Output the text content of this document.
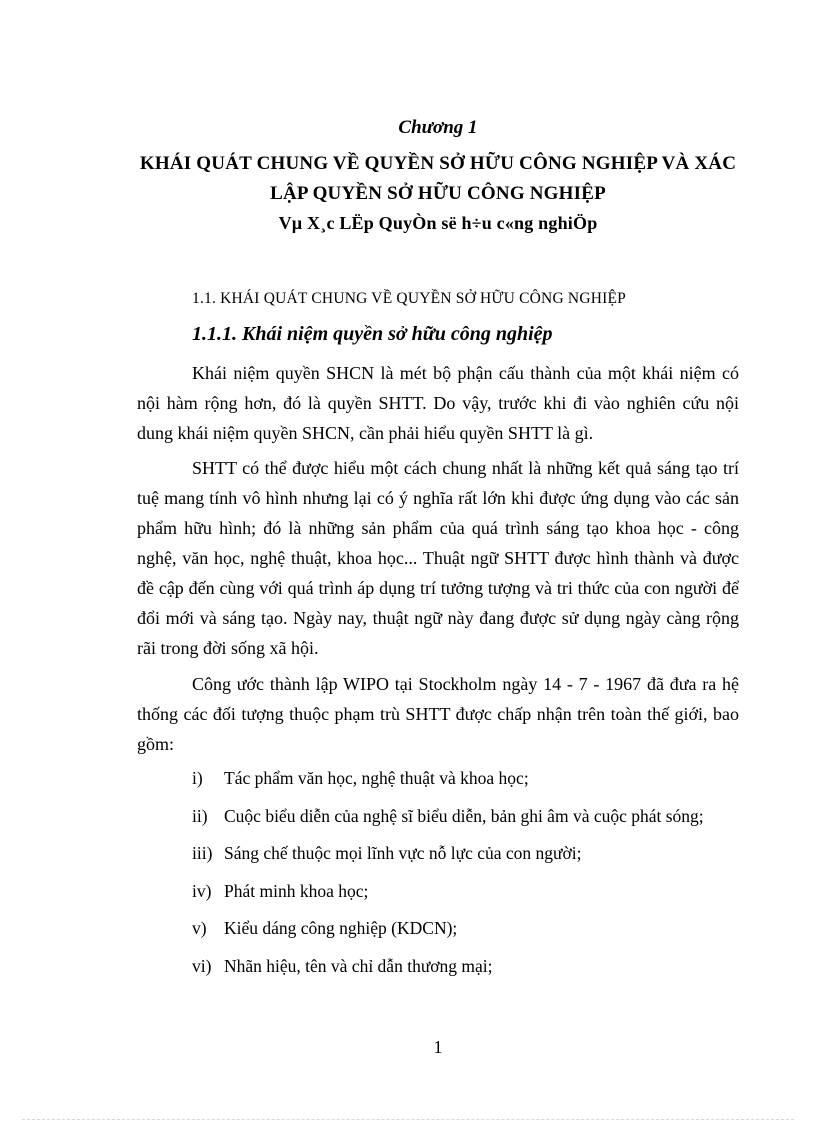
Chương 1
KHÁI QUÁT CHUNG VỀ QUYỀN SỞ HỮU CÔNG NGHIỆP VÀ XÁC
LẬP QUYỀN SỞ HỮU CÔNG NGHIỆP
Vµ X¸c LËp QuyÒn së h÷u c«ng nghiÖp
1.1. KHÁI QUÁT CHUNG VỀ QUYỀN SỞ HỮU CÔNG NGHIỆP
1.1.1. Khái niệm quyền sở hữu công nghiệp

Khái niệm quyền SHCN là mét bộ phận cấu thành của một khái niệm có nội hàm rộng hơn, đó là quyền SHTT. Do vậy, trước khi đi vào nghiên cứu nội dung khái niệm quyền SHCN, cần phải hiểu quyền SHTT là gì.

SHTT có thể được hiểu một cách chung nhất là những kết quả sáng tạo trí tuệ mang tính vô hình nhưng lại có ý nghĩa rất lớn khi được ứng dụng vào các sản phẩm hữu hình; đó là những sản phẩm của quá trình sáng tạo khoa học - công nghệ, văn học, nghệ thuật, khoa học... Thuật ngữ SHTT được hình thành và được đề cập đến cùng với quá trình áp dụng trí tưởng tượng và tri thức của con người để đổi mới và sáng tạo. Ngày nay, thuật ngữ này đang được sử dụng ngày càng rộng rãi trong đời sống xã hội.

Công ước thành lập WIPO tại Stockholm ngày 14 - 7 - 1967 đã đưa ra hệ thống các đối tượng thuộc phạm trù SHTT được chấp nhận trên toàn thế giới, bao gồm:

i) Tác phẩm văn học, nghệ thuật và khoa học;
ii) Cuộc biểu diễn của nghệ sĩ biểu diễn, bản ghi âm và cuộc phát sóng;
iii) Sáng chế thuộc mọi lĩnh vực nỗ lực của con người;
iv) Phát minh khoa học;
v) Kiểu dáng công nghiệp (KDCN);
vi) Nhãn hiệu, tên và chỉ dẫn thương mại;
1
